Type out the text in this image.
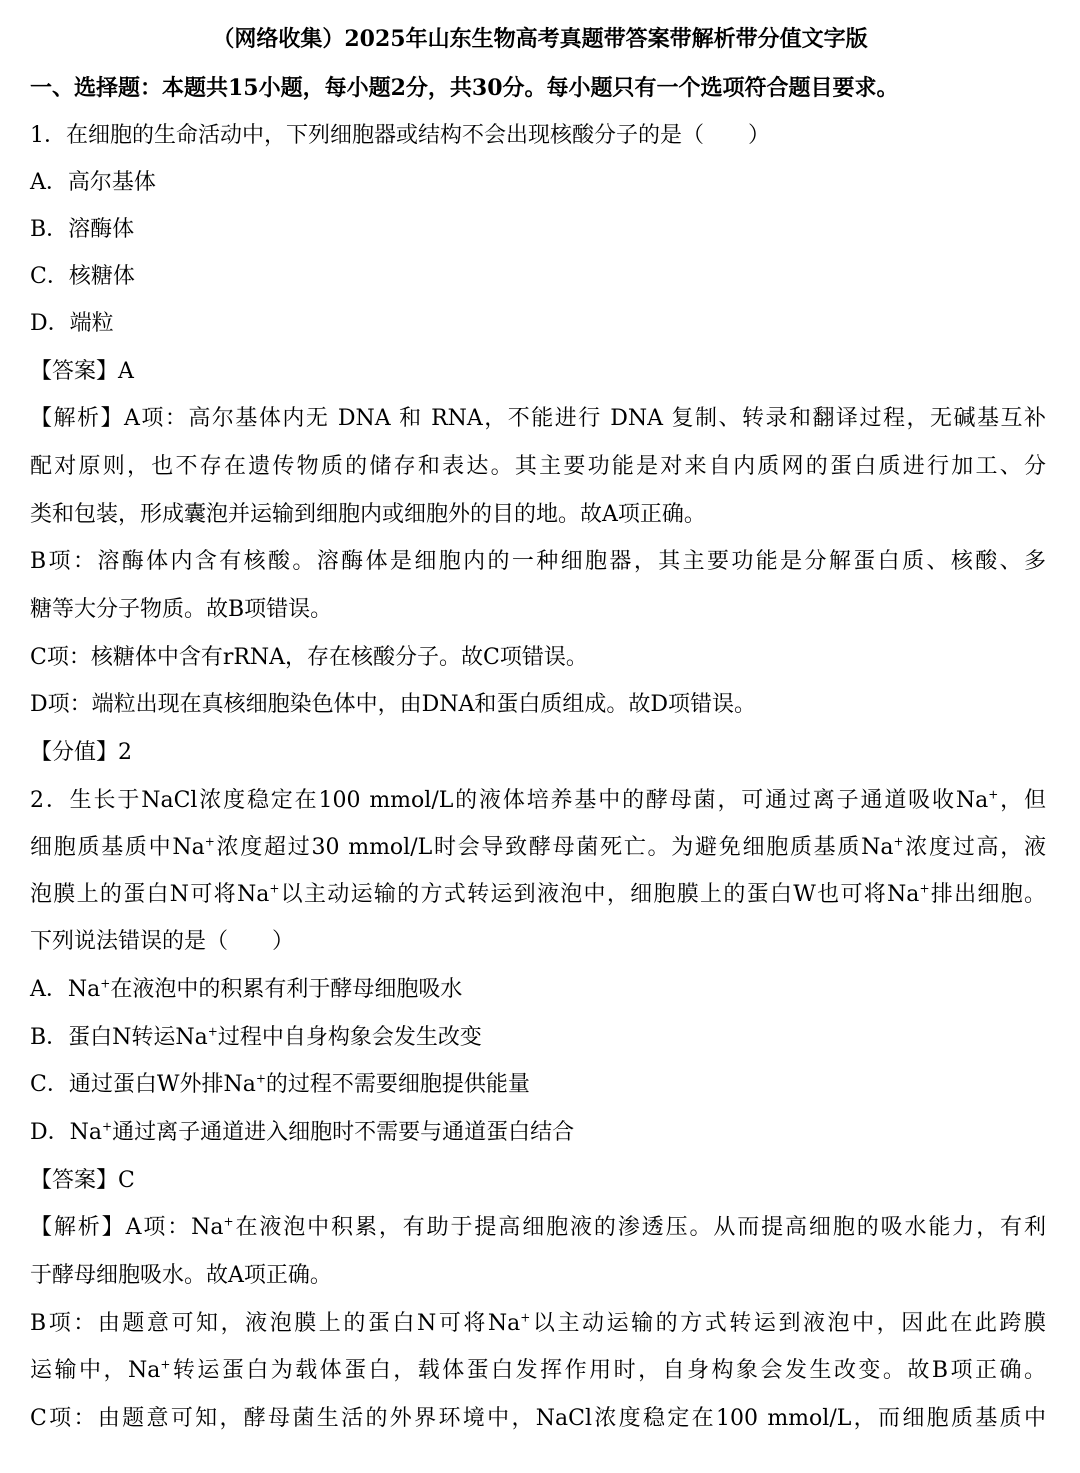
（网络收集）2025年山东生物高考真题带答案带解析带分值文字版
一、选择题：本题共15小题，每小题2分，共30分。每小题只有一个选项符合题目要求。
1．在细胞的生命活动中，下列细胞器或结构不会出现核酸分子的是（　　）
A．高尔基体
B．溶酶体
C．核糖体
D．端粒
【答案】A
【解析】A项：高尔基体内无 DNA 和 RNA，不能进行 DNA 复制、转录和翻译过程，无碱基互补
配对原则，也不存在遗传物质的储存和表达。其主要功能是对来自内质网的蛋白质进行加工、分
类和包装，形成囊泡并运输到细胞内或细胞外的目的地。故A项正确。
B项：溶酶体内含有核酸。溶酶体是细胞内的一种细胞器，其主要功能是分解蛋白质、核酸、多
糖等大分子物质。故B项错误。
C项：核糖体中含有rRNA，存在核酸分子。故C项错误。
D项：端粒出现在真核细胞染色体中，由DNA和蛋白质组成。故D项错误。
【分值】2
2．生长于NaCl浓度稳定在100 mmol/L的液体培养基中的酵母菌，可通过离子通道吸收Na+，但
细胞质基质中Na+浓度超过30 mmol/L时会导致酵母菌死亡。为避免细胞质基质Na+浓度过高，液
泡膜上的蛋白N可将Na+以主动运输的方式转运到液泡中，细胞膜上的蛋白W也可将Na+排出细胞。
下列说法错误的是（　　）
A．Na+在液泡中的积累有利于酵母细胞吸水
B．蛋白N转运Na+过程中自身构象会发生改变
C．通过蛋白W外排Na+的过程不需要细胞提供能量
D．Na+通过离子通道进入细胞时不需要与通道蛋白结合
【答案】C
【解析】A项：Na+在液泡中积累，有助于提高细胞液的渗透压。从而提高细胞的吸水能力，有利
于酵母细胞吸水。故A项正确。
B项：由题意可知，液泡膜上的蛋白N可将Na+以主动运输的方式转运到液泡中，因此在此跨膜
运输中，Na+转运蛋白为载体蛋白，载体蛋白发挥作用时，自身构象会发生改变。故B项正确。
C项：由题意可知，酵母菌生活的外界环境中，NaCl浓度稳定在100 mmol/L，而细胞质基质中
